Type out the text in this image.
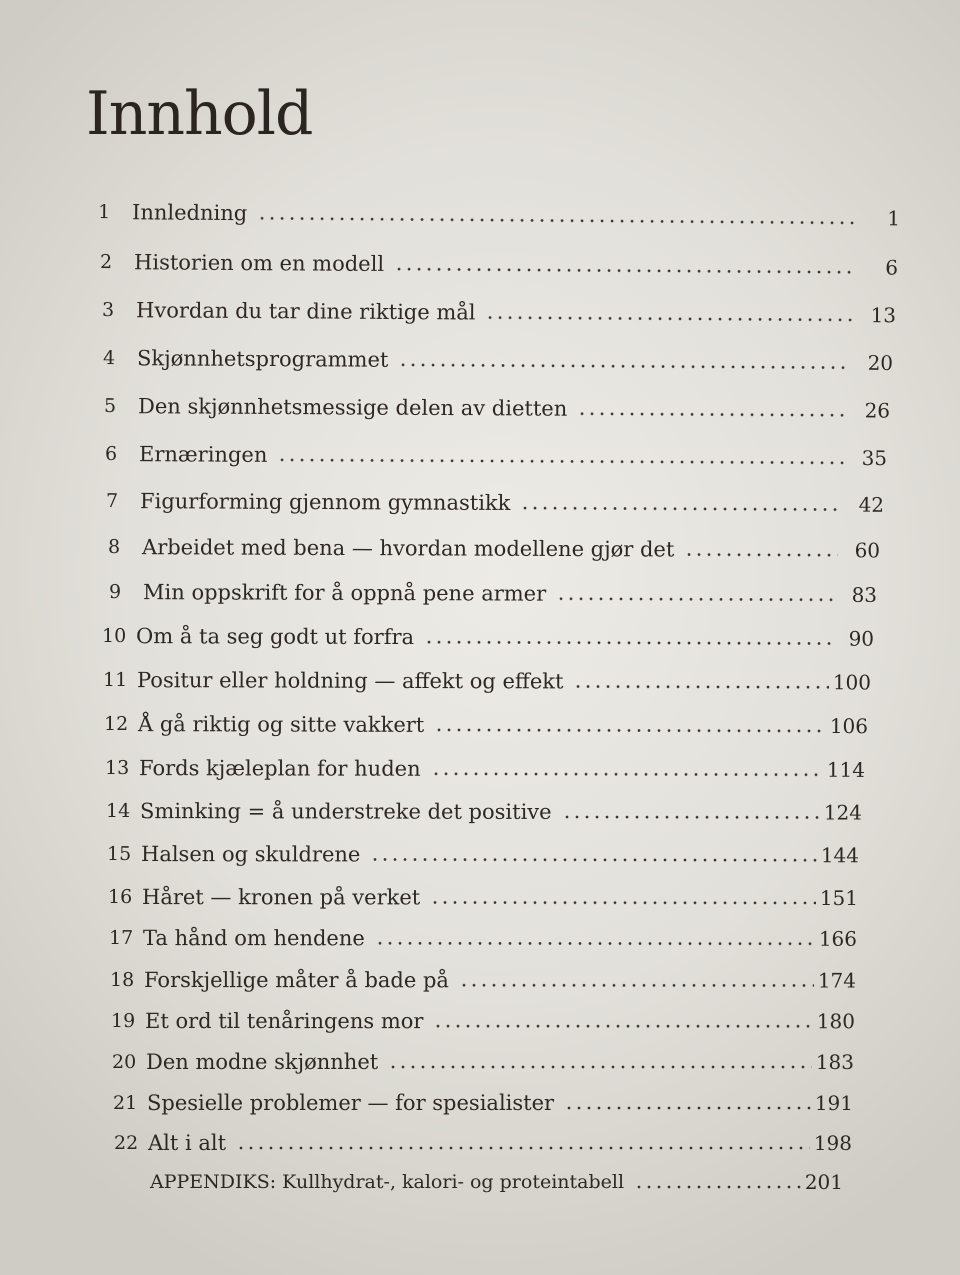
Innhold
1	Innledning	1
2	Historien om en modell	6
3	Hvordan du tar dine riktige mål	13
4	Skjønnhetsprogrammet	20
5	Den skjønnhetsmessige delen av dietten	26
6	Ernæringen	35
7	Figurforming gjennom gymnastikk	42
8	Arbeidet med bena — hvordan modellene gjør det	60
9	Min oppskrift for å oppnå pene armer	83
10 Om å ta seg godt ut forfra	90
11 Positur eller holdning — affekt og effekt	100
12 Å gå riktig og sitte vakkert	106
13 Fords kjæleplan for huden	114
14 Sminking = å understreke det positive	124
15 Halsen og skuldrene	144
16 Håret — kronen på verket	151
17 Ta hånd om hendene	166
18 Forskjellige måter å bade på	174
19 Et ord til tenåringens mor	180
20 Den modne skjønnhet	183
21 Spesielle problemer — for spesialister	191
22 Alt i alt	198
APPENDIKS: Kullhydrat-, kalori- og proteintabell	201
